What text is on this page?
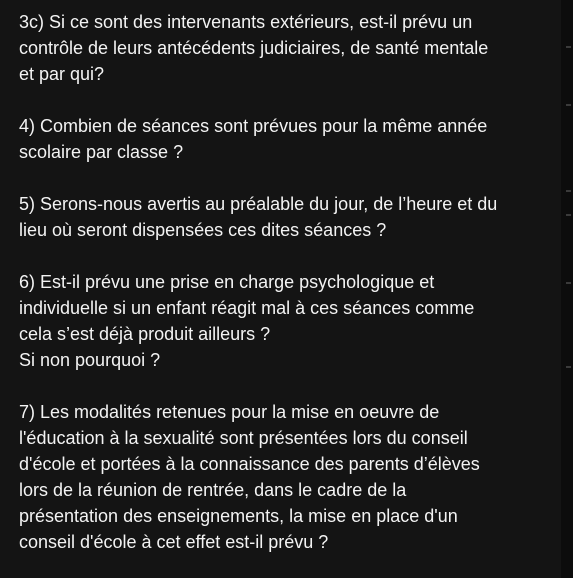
3c) Si ce sont des intervenants extérieurs, est-il prévu un
contrôle de leurs antécédents judiciaires, de santé mentale
et par qui?
4) Combien de séances sont prévues pour la même année
scolaire par classe ?
5) Serons-nous avertis au préalable du jour, de l’heure et du
lieu où seront dispensées ces dites séances ?
6) Est-il prévu une prise en charge psychologique et
individuelle si un enfant réagit mal à ces séances comme
cela s’est déjà produit ailleurs ?
Si non pourquoi ?
7) Les modalités retenues pour la mise en oeuvre de
l'éducation à la sexualité sont présentées lors du conseil
d'école et portées à la connaissance des parents d’élèves
lors de la réunion de rentrée, dans le cadre de la
présentation des enseignements, la mise en place d'un
conseil d'école à cet effet est-il prévu ?
